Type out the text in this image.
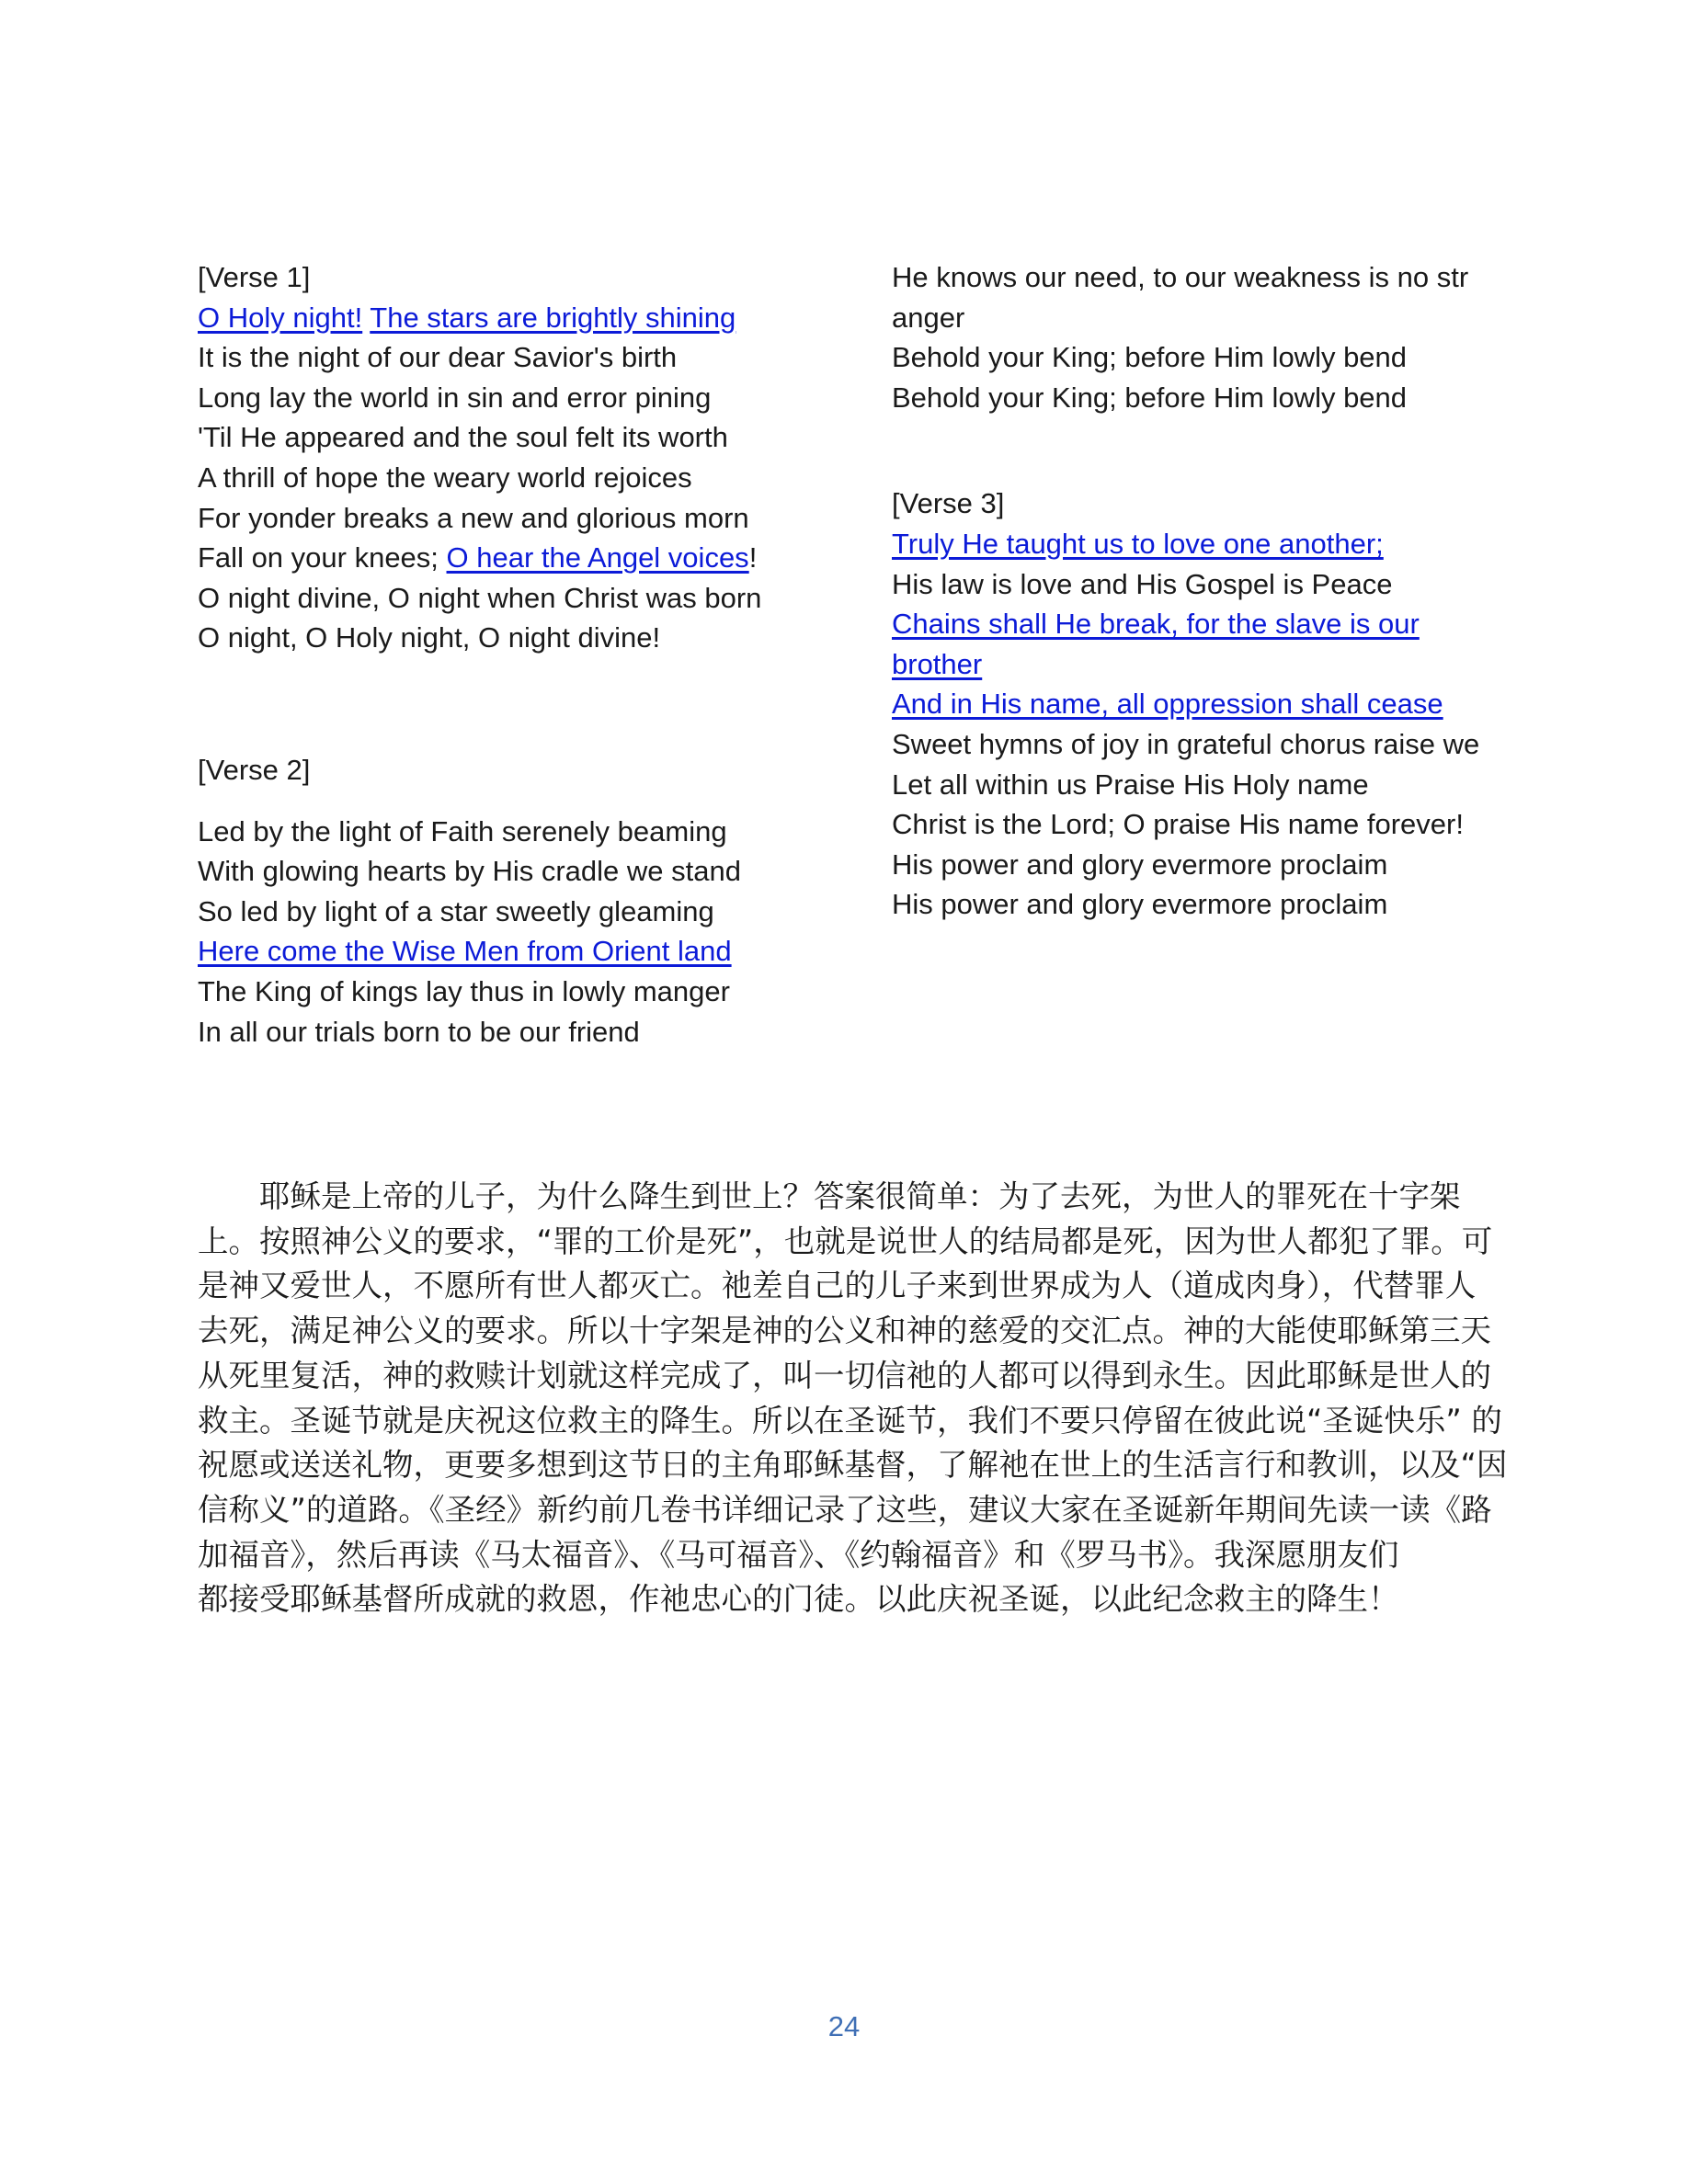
[Verse 1]
O Holy night! The stars are brightly shining
It is the night of our dear Savior's birth
Long lay the world in sin and error pining
'Til He appeared and the soul felt its worth
A thrill of hope the weary world rejoices
For yonder breaks a new and glorious morn
Fall on your knees; O hear the Angel voices!
O night divine, O night when Christ was born
O night, O Holy night, O night divine!
[Verse 2]
Led by the light of Faith serenely beaming
With glowing hearts by His cradle we stand
So led by light of a star sweetly gleaming
Here come the Wise Men from Orient land
The King of kings lay thus in lowly manger
In all our trials born to be our friend
He knows our need, to our weakness is no str
anger
Behold your King; before Him lowly bend
Behold your King; before Him lowly bend
[Verse 3]
Truly He taught us to love one another;
His law is love and His Gospel is Peace
Chains shall He break, for the slave is our
brother
And in His name, all oppression shall cease
Sweet hymns of joy in grateful chorus raise we
Let all within us Praise His Holy name
Christ is the Lord; O praise His name forever!
His power and glory evermore proclaim
His power and glory evermore proclaim
耶稣是上帝的儿子，为什么降生到世上？答案很简单：为了去死，为世人的罪死在十字架
上。按照神公义的要求，“罪的工价是死”，也就是说世人的结局都是死，因为世人都犯了罪。可
是神又爱世人，不愿所有世人都灭亡。祂差自己的儿子来到世界成为人（道成肉身），代替罪人
去死，满足神公义的要求。所以十字架是神的公义和神的慈爱的交汇点。神的大能使耶稣第三天
从死里复活，神的救赎计划就这样完成了，叫一切信祂的人都可以得到永生。因此耶稣是世人的
救主。圣诞节就是庆祝这位救主的降生。所以在圣诞节，我们不要只停留在彼此说“圣诞快乐” 的
祝愿或送送礼物，更要多想到这节日的主角耶稣基督，了解祂在世上的生活言行和教训，以及“因
信称义”的道路。《圣经》新约前几卷书详细记录了这些，建议大家在圣诞新年期间先读一读《路
加福音》，然后再读《马太福音》、《马可福音》、《约翰福音》和《罗马书》。我深愿朋友们
都接受耶稣基督所成就的救恩，作祂忠心的门徒。以此庆祝圣诞，以此纪念救主的降生！
24
